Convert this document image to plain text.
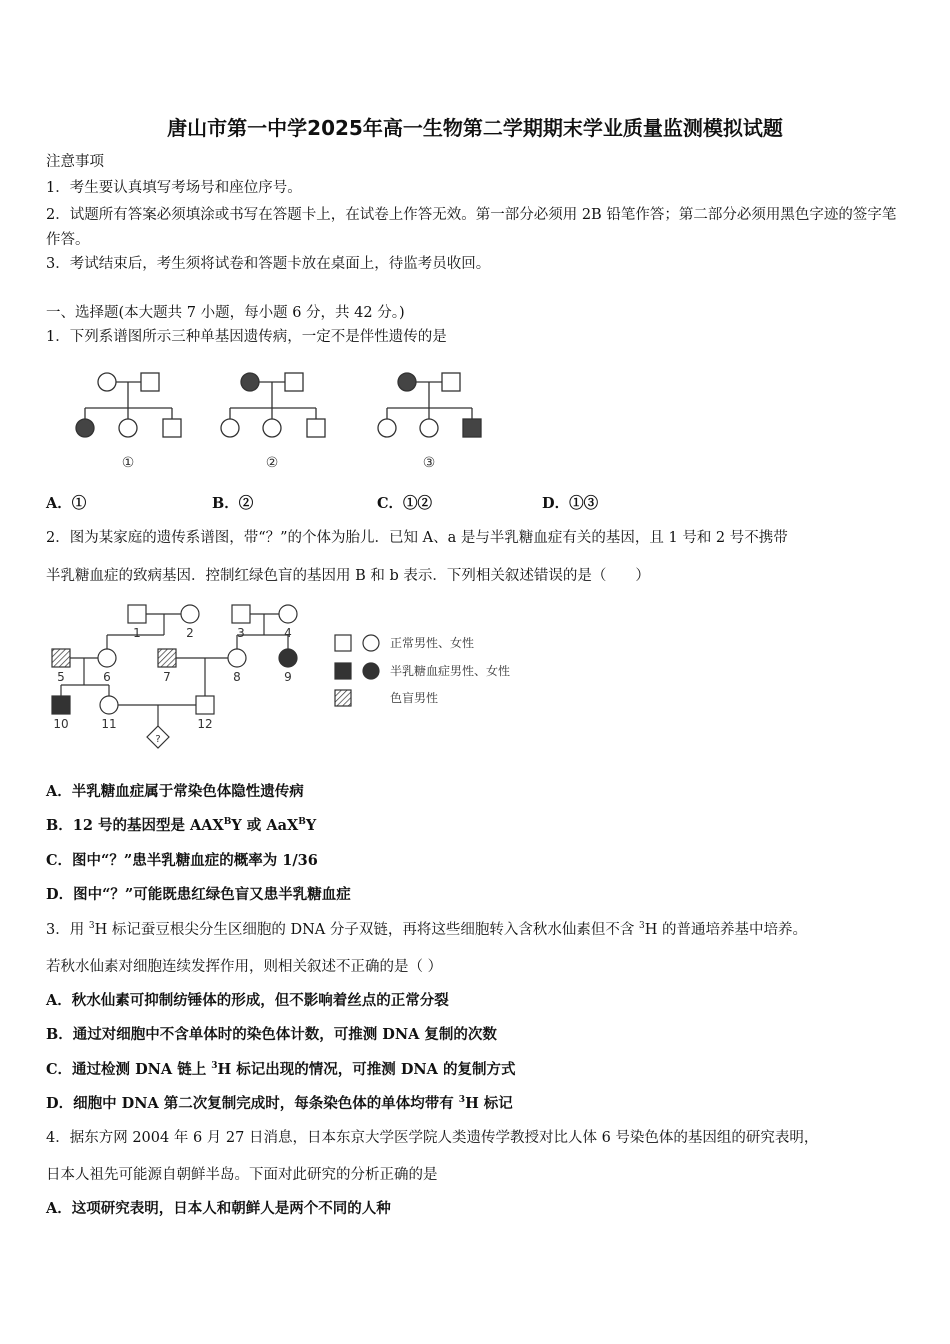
唐山市第一中学2025年高一生物第二学期期末学业质量监测模拟试题
注意事项
1．考生要认真填写考场号和座位序号。
2．试题所有答案必须填涂或书写在答题卡上，在试卷上作答无效。第一部分必须用 2B 铅笔作答；第二部分必须用黑色字迹的签字笔作答。
3．考试结束后，考生须将试卷和答题卡放在桌面上，待监考员收回。
一、选择题(本大题共 7 小题，每小题 6 分，共 42 分。)
1．下列系谱图所示三种单基因遗传病，一定不是伴性遗传的是
①	②	③
A．①	B．②	C．①②	D．①③
2．图为某家庭的遗传系谱图，带“？”的个体为胎儿．已知 A、a 是与半乳糖血症有关的基因，且 1 号和 2 号不携带
半乳糖血症的致病基因．控制红绿色盲的基因用 B 和 b 表示．下列相关叙述错误的是（　　）
1	2	3	4
5	6	7	8	9
10	11	12
?
正常男性、女性
半乳糖血症男性、女性
色盲男性
A．半乳糖血症属于常染色体隐性遗传病
B．12 号的基因型是 $AAX^BY$ 或 AaX$^B$Y
C．图中“？”患半乳糖血症的概率为 1/36
D．图中“？”可能既患红绿色盲又患半乳糖血症
3．用 $^3$H 标记蚕豆根尖分生区细胞的 DNA 分子双链，再将这些细胞转入含秋水仙素但不含 $^3$H 的普通培养基中培养。
若秋水仙素对细胞连续发挥作用，则相关叙述不正确的是（ ）
A．秋水仙素可抑制纺锤体的形成，但不影响着丝点的正常分裂
B．通过对细胞中不含单体时的染色体计数，可推测 DNA 复制的次数
C．通过检测 DNA 链上 $^3$H 标记出现的情况，可推测 DNA 的复制方式
D．细胞中 DNA 第二次复制完成时，每条染色体的单体均带有 $^3$H 标记
4．据东方网 2004 年 6 月 27 日消息，日本东京大学医学院人类遗传学教授对比人体 6 号染色体的基因组的研究表明，
日本人祖先可能源自朝鲜半岛。下面对此研究的分析正确的是
A．这项研究表明，日本人和朝鲜人是两个不同的人种
